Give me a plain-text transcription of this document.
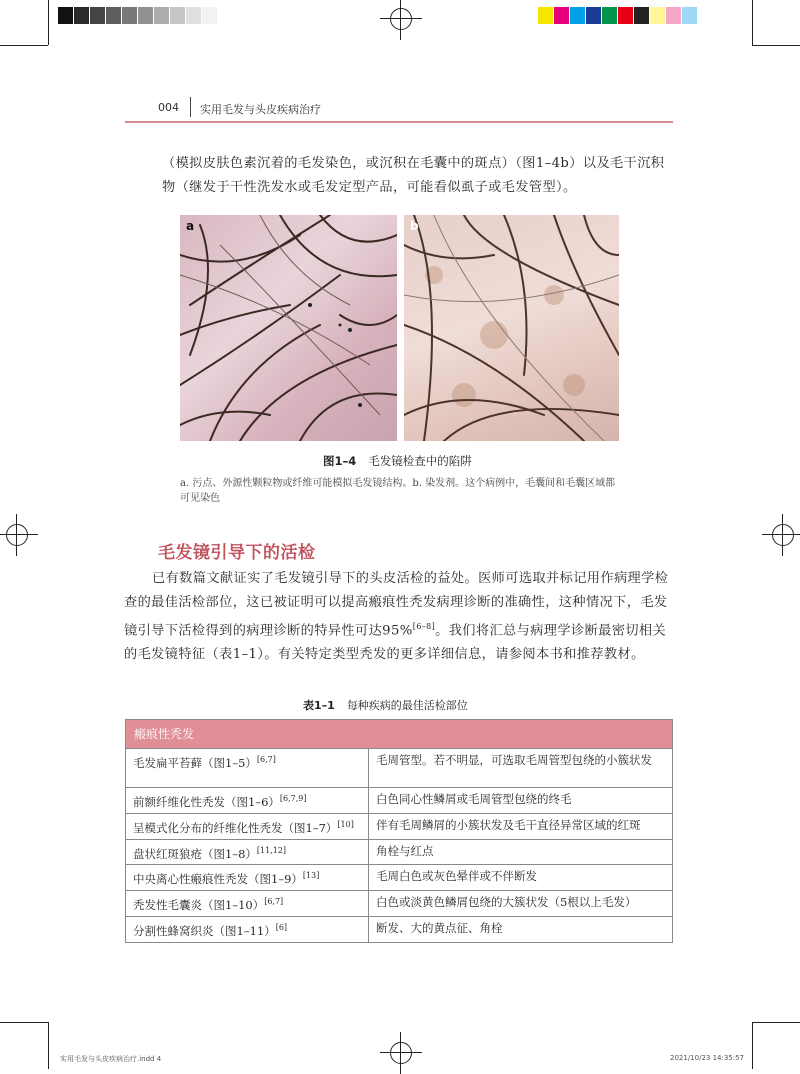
004 实用毛发与头皮疾病治疗
（模拟皮肤色素沉着的毛发染色，或沉积在毛囊中的斑点）（图1–4b）以及毛干沉积
物（继发于干性洗发水或毛发定型产品，可能看似虱子或毛发管型）。
a	b
图1–4 毛发镜检查中的陷阱
a. 污点、外源性颗粒物或纤维可能模拟毛发镜结构。b. 染发剂。这个病例中，毛囊间和毛囊区域都可见染色
毛发镜引导下的活检
已有数篇文献证实了毛发镜引导下的头皮活检的益处。医师可选取并标记用作病理学检查的最佳活检部位，这已被证明可以提高瘢痕性秃发病理诊断的准确性，这种情况下，毛发镜引导下活检得到的病理诊断的特异性可达95%[6–8]。我们将汇总与病理学诊断最密切相关的毛发镜特征（表1–1）。有关特定类型秃发的更多详细信息，请参阅本书和推荐教材。
表1–1 每种疾病的最佳活检部位
瘢痕性秃发	
毛发扁平苔藓（图1–5）[6,7]	毛周管型。若不明显，可选取毛周管型包绕的小簇状发
前额纤维化性秃发（图1–6）[6,7,9]	白色同心性鳞屑或毛周管型包绕的终毛
呈模式化分布的纤维化性秃发（图1–7）[10]	伴有毛周鳞屑的小簇状发及毛干直径异常区域的红斑
盘状红斑狼疮（图1–8）[11,12]	角栓与红点
中央离心性瘢痕性秃发（图1–9）[13]	毛周白色或灰色晕伴或不伴断发
秃发性毛囊炎（图1–10）[6,7]	白色或淡黄色鳞屑包绕的大簇状发（5根以上毛发）
分割性蜂窝织炎（图1–11）[6]	断发、大的黄点征、角栓
实用毛发与头皮疾病治疗.indd 4	2021/10/23 14:35:57
